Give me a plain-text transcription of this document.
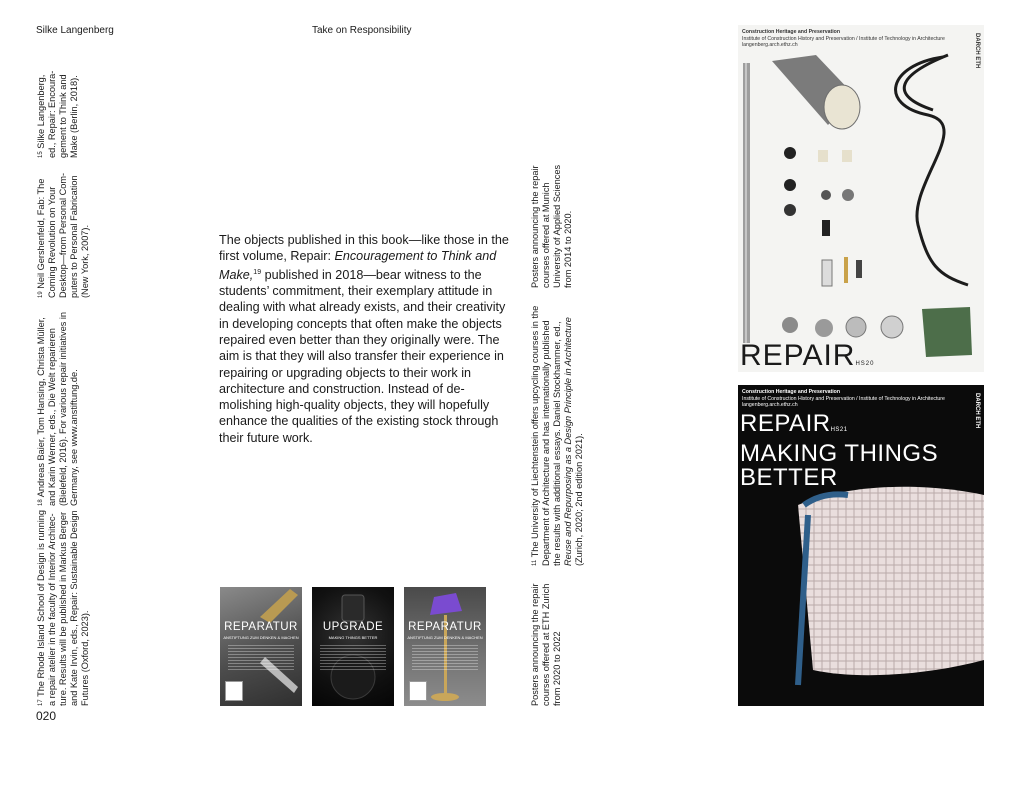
Silke Langenberg	Take on Responsibility
The objects published in this book—like those in the first volume, Repair: Encouragement to Think and Make,$^{19}$ published in 2018—bear witness to the students’ commitment, their exemplary attitude in dealing with what already exists, and their creativity in developing concepts that often make the objects repaired even better than they originally were. The aim is that they will also transfer their experience in repairing or upgrading objects to their work in architecture and construction. Instead of demolishing high-quality objects, they will hopefully enhance the qualities of the existing stock through their future work.
$^{17}$ The Rhode Island School of Design is running a repair atelier in the faculty of Interior Architec- ture. Results will be published in Markus Berger and Kate Irvin, eds., Repair: Sustainable Design Futures (Oxford, 2023).
$^{18}$ Andreas Baier, Tom Hansing, Christa Müller, and Karin Werner, eds., Die Welt reparieren (Bielefeld, 2016). For various repair initiatives in Germany, see www.anstiftung.de.
$^{19}$ Neil Gershenfeld, Fab: The Coming Revolution on Your Desktop—from Personal Com- puters to Personal Fabrication (New York, 2007).
$^{15}$ Silke Langenberg, ed., Repair: Encoura- gement to Think and Make (Berlin, 2018).
$^{11}$ The University of Liechtenstein offers upcycling courses in the Department of Architecture and has internationally published the results with additional essays. Daniel Stockhammer, ed., Reuse and Repurposing as a Design Principle in Architecture (Zurich, 2020; 2nd edition 2021).
Posters announcing the repair courses offered at ETH Zurich from 2020 to 2022
Posters announcing the repair courses offered at Munich University of Applied Sciences from 2014 to 2020.
020
REPARATUR
ANSTIFTUNG ZUM DENKEN & MACHEN
UPGRADE
MAKING THINGS BETTER
REPARATUR
ANSTIFTUNG ZUM DENKEN & MACHEN
Construction Heritage and Preservation
Institute of Construction History and Preservation / Institute of Technology in Architecture
langenberg.arch.ethz.ch	DARCH ETH
REPAIRHS20
Construction Heritage and Preservation
Institute of Construction History and Preservation / Institute of Technology in Architecture
langenberg.arch.ethz.ch	DARCH ETH
REPAIRHS21
MAKING THINGS
BETTER
